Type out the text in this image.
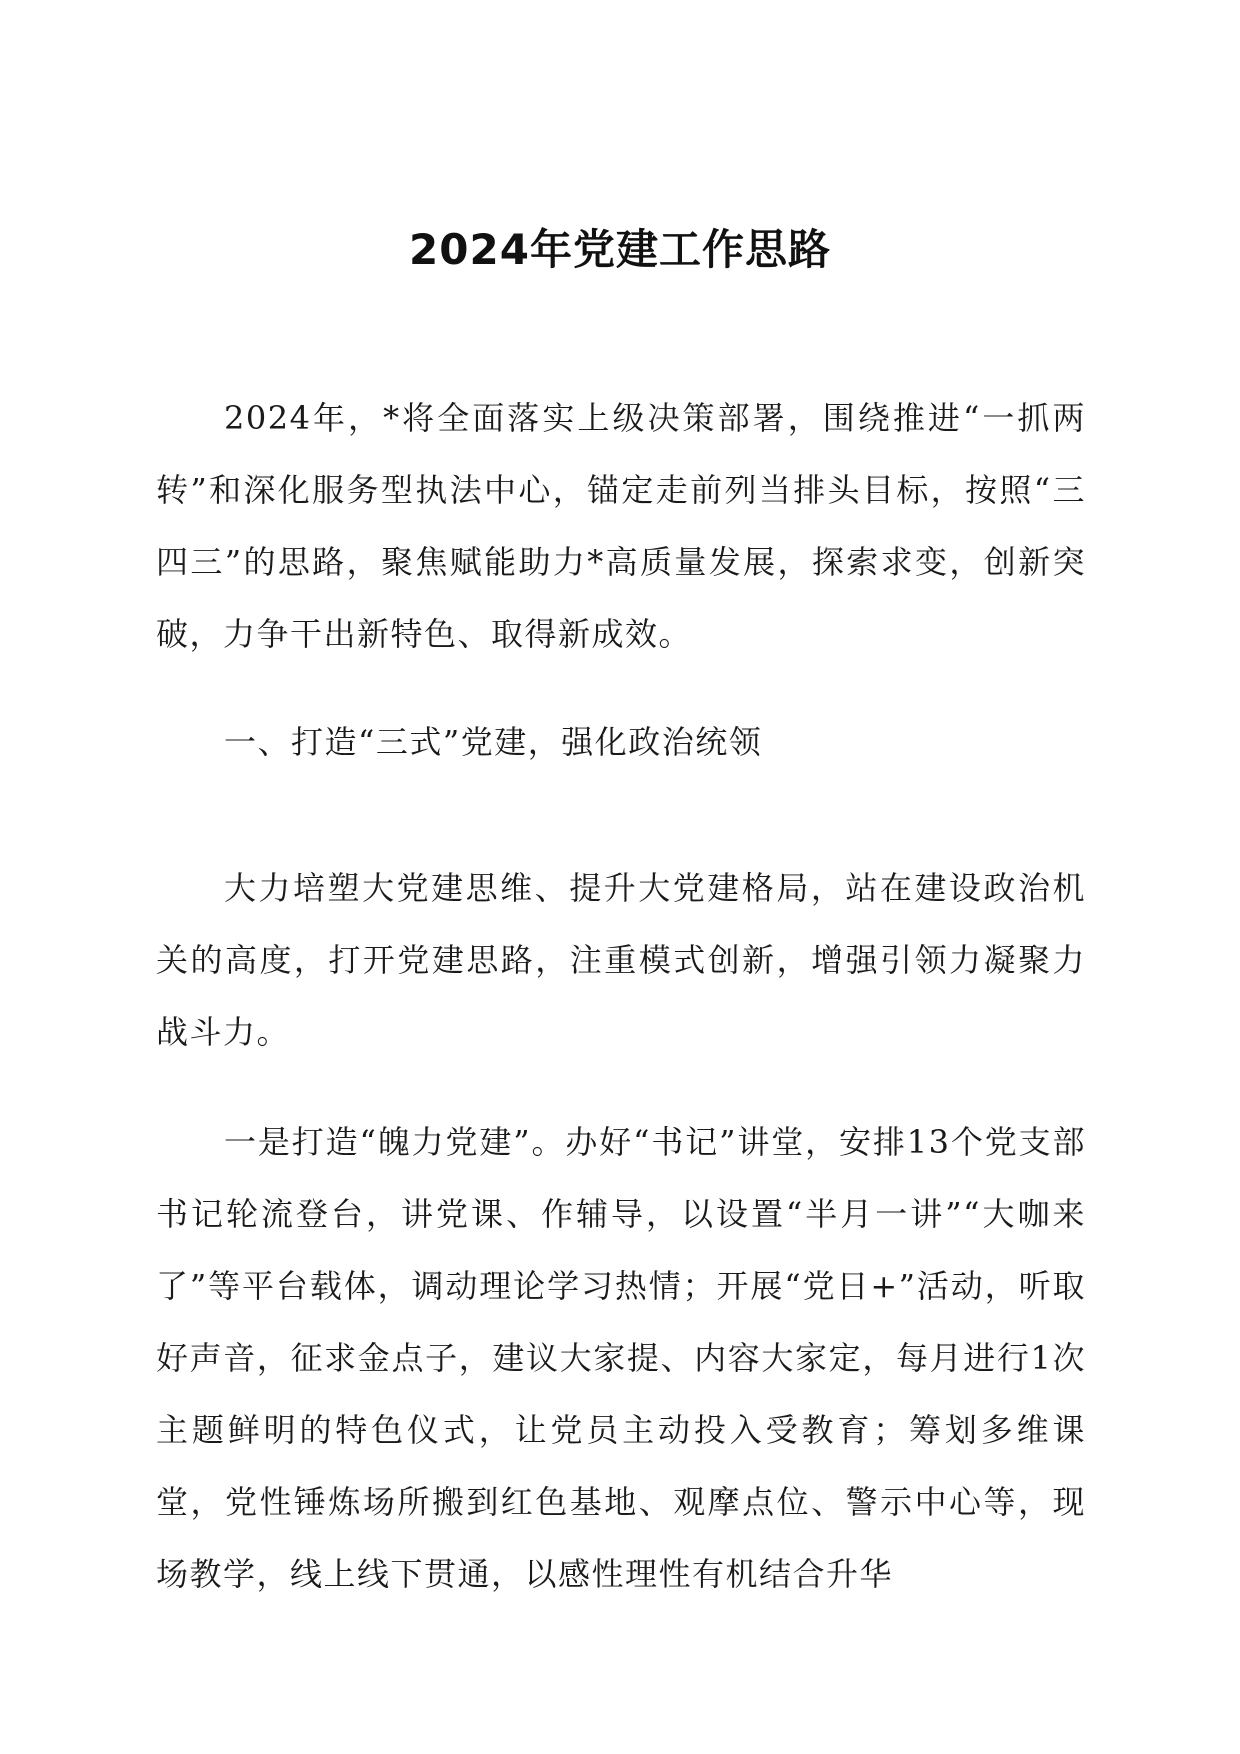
2024年党建工作思路

2024年，*将全面落实上级决策部署，围绕推进“一抓两转”和深化服务型执法中心，锚定走前列当排头目标，按照“三四三”的思路，聚焦赋能助力*高质量发展，探索求变，创新突破，力争干出新特色、取得新成效。

一、打造“三式”党建，强化政治统领

大力培塑大党建思维、提升大党建格局，站在建设政治机关的高度，打开党建思路，注重模式创新，增强引领力凝聚力战斗力。

一是打造“魄力党建”。办好“书记”讲堂，安排13个党支部书记轮流登台，讲党课、作辅导，以设置“半月一讲”“大咖来了”等平台载体，调动理论学习热情；开展“党日+”活动，听取好声音，征求金点子，建议大家提、内容大家定，每月进行1次主题鲜明的特色仪式，让党员主动投入受教育；筹划多维课堂，党性锤炼场所搬到红色基地、观摩点位、警示中心等，现场教学，线上线下贯通，以感性理性有机结合升华
